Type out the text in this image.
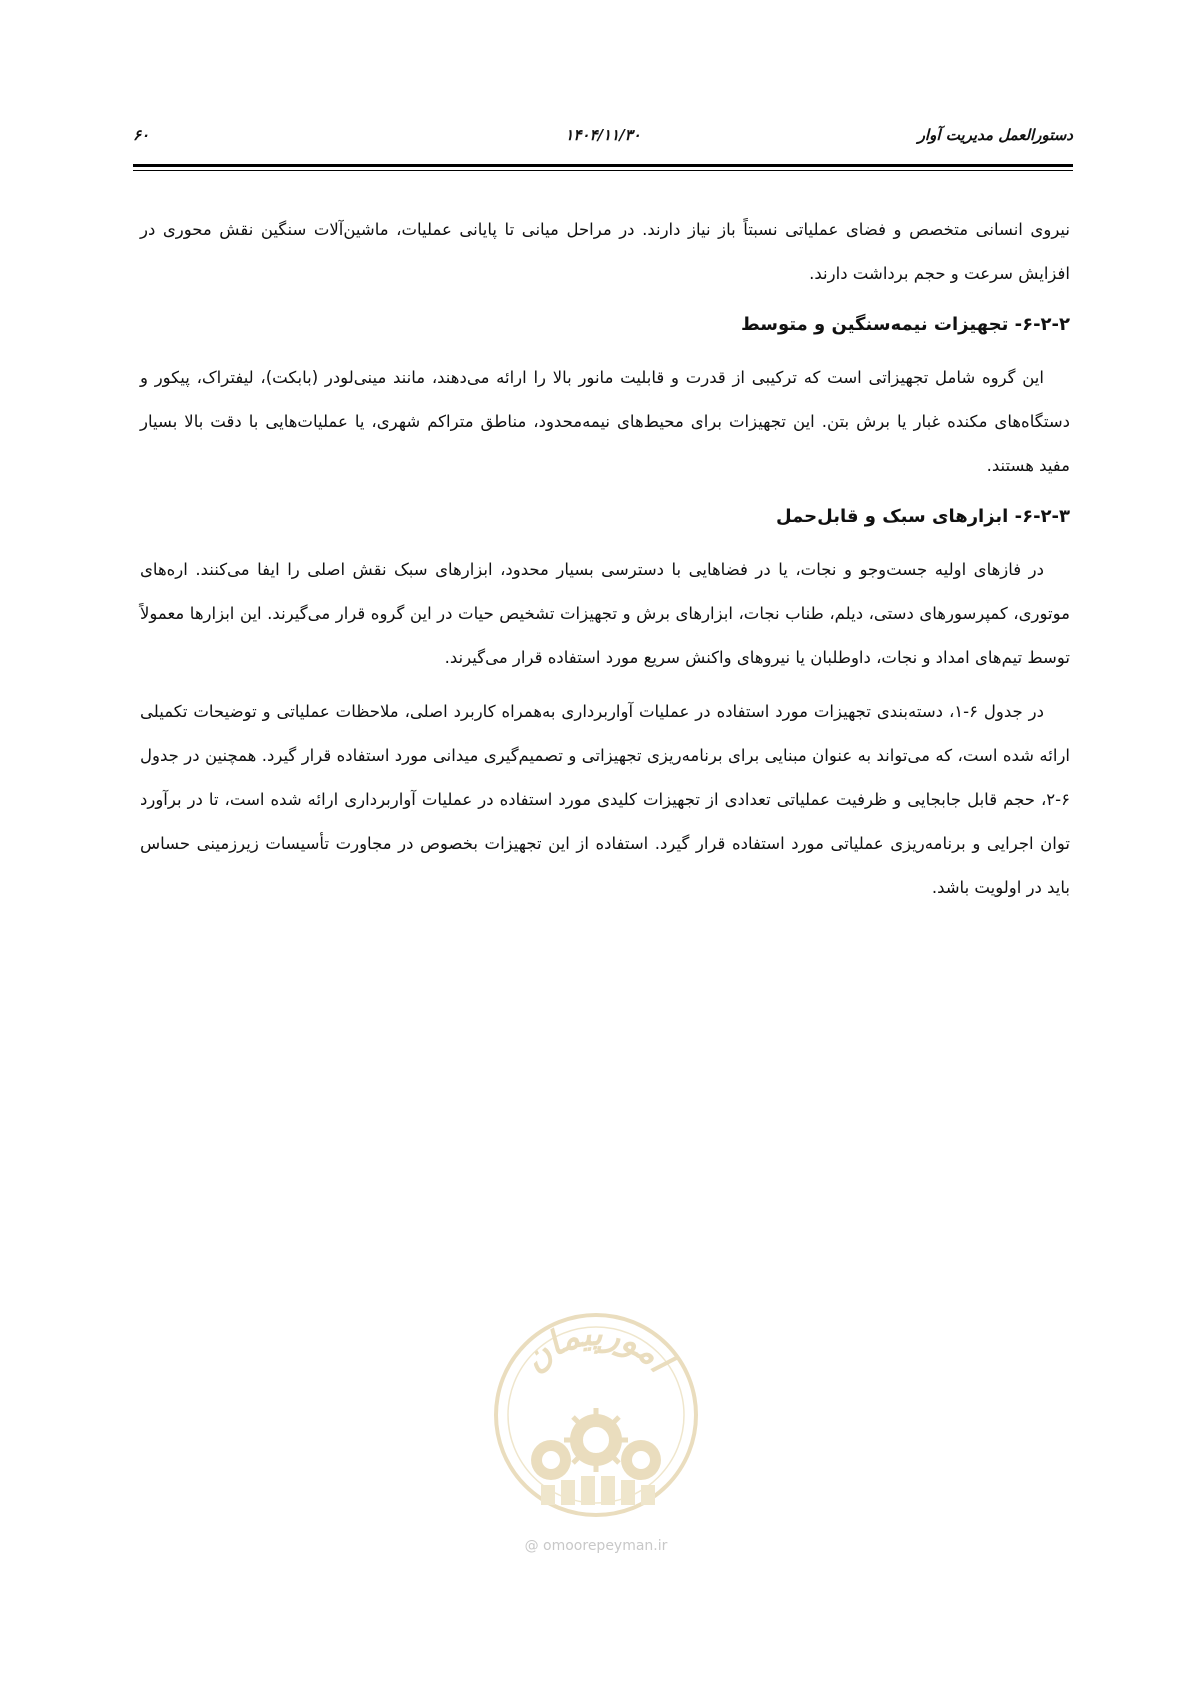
دستورالعمل مدیریت آوار
۱۴۰۴/۱۱/۳۰
۶۰

نیروی انسانی متخصص و فضای عملیاتی نسبتاً باز نیاز دارند. در مراحل میانی تا پایانی عملیات، ماشین‌آلات سنگین نقش محوری در افزایش سرعت و حجم برداشت دارند.

۶-۲-۲- تجهیزات نیمه‌سنگین و متوسط

این گروه شامل تجهیزاتی است که ترکیبی از قدرت و قابلیت مانور بالا را ارائه می‌دهند، مانند مینی‌لودر (بابکت)، لیفتراک، پیکور و دستگاه‌های مکنده غبار یا برش بتن. این تجهیزات برای محیط‌های نیمه‌محدود، مناطق متراکم شهری، یا عملیات‌هایی با دقت بالا بسیار مفید هستند.

۶-۲-۳- ابزارهای سبک و قابل‌حمل

در فازهای اولیه جست‌وجو و نجات، یا در فضاهایی با دسترسی بسیار محدود، ابزارهای سبک نقش اصلی را ایفا می‌کنند. اره‌های موتوری، کمپرسورهای دستی، دیلم، طناب نجات، ابزارهای برش و تجهیزات تشخیص حیات در این گروه قرار می‌گیرند. این ابزارها معمولاً توسط تیم‌های امداد و نجات، داوطلبان یا نیروهای واکنش سریع مورد استفاده قرار می‌گیرند.

در جدول ۶-۱، دسته‌بندی تجهیزات مورد استفاده در عملیات آواربرداری به‌همراه کاربرد اصلی، ملاحظات عملیاتی و توضیحات تکمیلی ارائه شده است، که می‌تواند به عنوان مبنایی برای برنامه‌ریزی تجهیزاتی و تصمیم‌گیری میدانی مورد استفاده قرار گیرد. همچنین در جدول ۶-۲، حجم قابل جابجایی و ظرفیت عملیاتی تعدادی از تجهیزات کلیدی مورد استفاده در عملیات آواربرداری ارائه شده است، تا در برآورد توان اجرایی و برنامه‌ریزی عملیاتی مورد استفاده قرار گیرد. استفاده از این تجهیزات بخصوص در مجاورت تأسیسات زیرزمینی حساس باید در اولویت باشد.

امورپیمان
@ omoorepeyman.ir
